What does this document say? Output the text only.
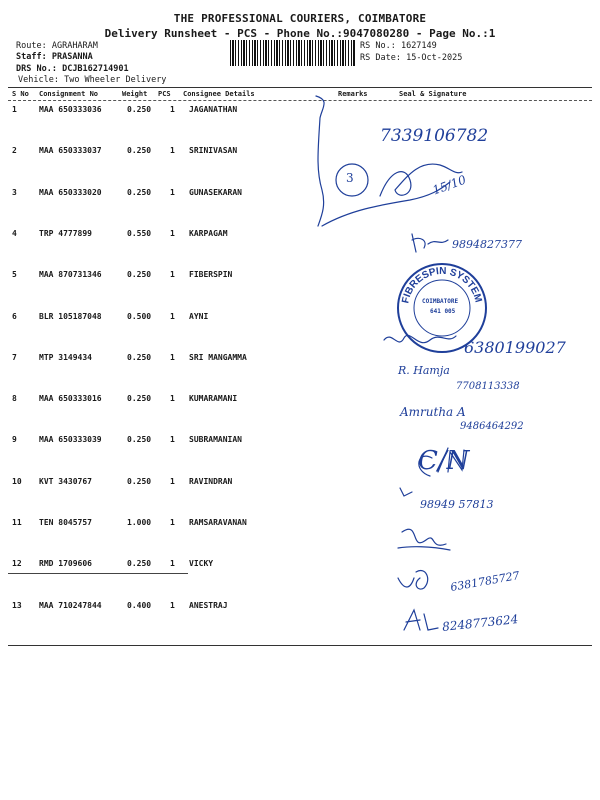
THE PROFESSIONAL COURIERS, COIMBATORE
Delivery Runsheet - PCS - Phone No.:9047080280 - Page No.:1
Route: AGRAHARAM
Staff: PRASANNA
DRS No.: DCJB162714901
Vehicle: Two Wheeler Delivery
RS No.: 1627149
RS Date: 15-Oct-2025
S No Consignment No	Weight PCS Consignee Details	Remarks	Seal & Signature
1	MAA 650333036	0.250 1 JAGANATHAN
2	MAA 650333037	0.250 1 SRINIVASAN
3	MAA 650333020	0.250 1 GUNASEKARAN
4	TRP 4777899	0.550 1 KARPAGAM
5	MAA 870731346	0.250 1 FIBERSPIN
6	BLR 105187048	0.500 1 AYNI
7	MTP 3149434	0.250 1 SRI MANGAMMA
8	MAA 650333016	0.250 1 KUMARAMANI
9	MAA 650333039	0.250 1 SUBRAMANIAN
10 KVT 3430767	0.250 1 RAVINDRAN
11 TEN 8045757	1.000 1 RAMSARAVANAN
12 RMD 1709606	0.250 1 VICKY
13 MAA 710247844	0.400 1 ANESTRAJ
7339106782
3	15/10
9894827377
6380199027
R. Hamja
7708113338
Amrutha A
9486464292
C/N
98949 57813
6381785727
8248773624
FIBRESPIN SYSTEM
COIMBATORE
641 005
